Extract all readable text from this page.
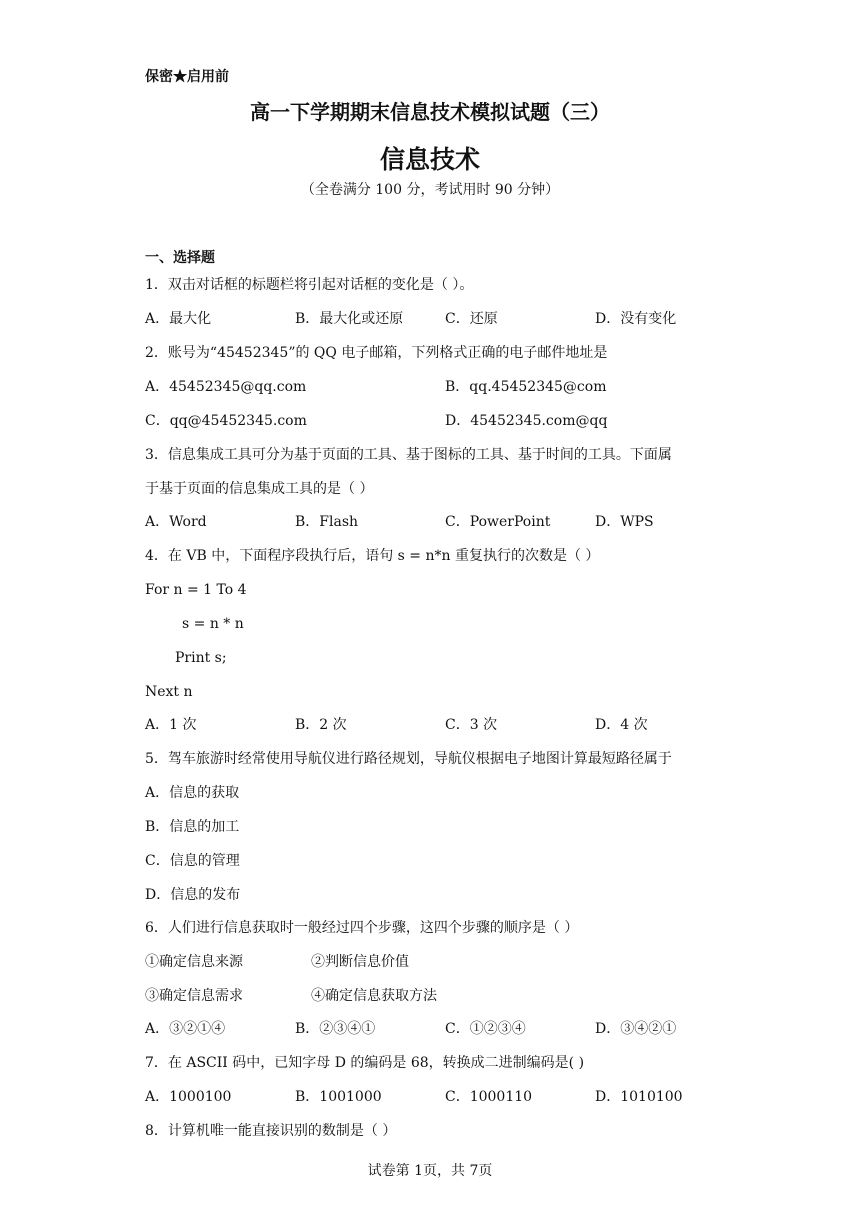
保密★启用前
高一下学期期末信息技术模拟试题（三）
信息技术
（全卷满分 100 分，考试用时 90 分钟）
一、选择题
1．双击对话框的标题栏将引起对话框的变化是（ ）。
A．最大化	B．最大化或还原	C．还原	D．没有变化
2．账号为“45452345”的 QQ 电子邮箱，下列格式正确的电子邮件地址是
A．45452345@qq.com	B．qq.45452345@com
C．qq@45452345.com	D．45452345.com@qq
3．信息集成工具可分为基于页面的工具、基于图标的工具、基于时间的工具。下面属
于基于页面的信息集成工具的是（ ）
A．Word	B．Flash	C．PowerPoint	D．WPS
4．在 VB 中，下面程序段执行后，语句 s = n*n 重复执行的次数是（ ）
For n = 1 To 4
s = n * n
Print s;
Next n
A．1 次	B．2 次	C．3 次	D．4 次
5．驾车旅游时经常使用导航仪进行路径规划，导航仪根据电子地图计算最短路径属于
A．信息的获取
B．信息的加工
C．信息的管理
D．信息的发布
6．人们进行信息获取时一般经过四个步骤，这四个步骤的顺序是（ ）
①确定信息来源	②判断信息价值
③确定信息需求	④确定信息获取方法
A．③②①④	B．②③④①	C．①②③④	D．③④②①
7．在 ASCII 码中，已知字母 D 的编码是 68，转换成二进制编码是( )
A．1000100	B．1001000	C．1000110	D．1010100
8．计算机唯一能直接识别的数制是（ ）
试卷第 1页，共 7页
